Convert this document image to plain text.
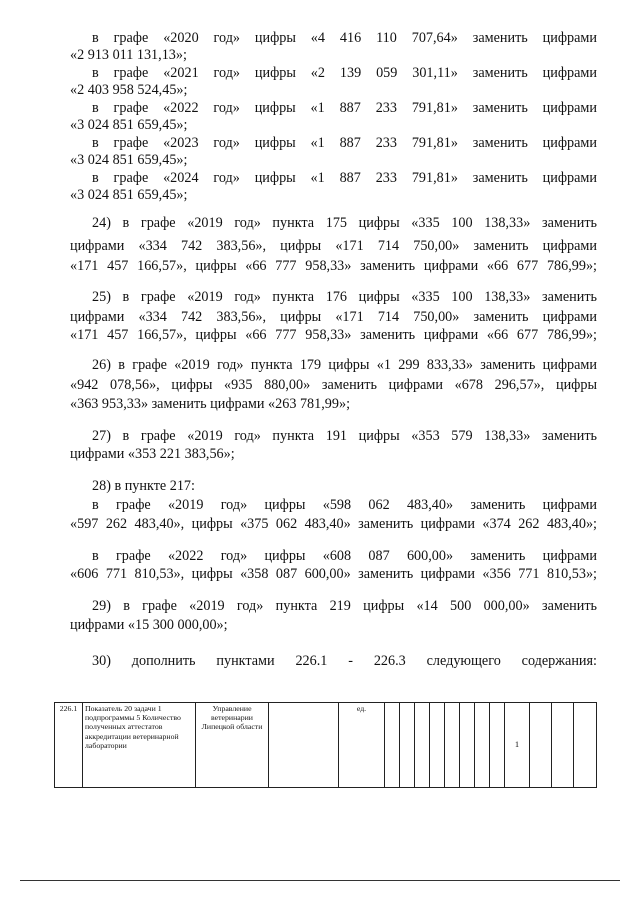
в графе «2020 год» цифры «4 416 110 707,64» заменить цифрами
«2 913 011 131,13»;
в графе «2021 год» цифры «2 139 059 301,11» заменить цифрами
«2 403 958 524,45»;
в графе «2022 год» цифры «1 887 233 791,81» заменить цифрами
«3 024 851 659,45»;
в графе «2023 год» цифры «1 887 233 791,81» заменить цифрами
«3 024 851 659,45»;
в графе «2024 год» цифры «1 887 233 791,81» заменить цифрами
«3 024 851 659,45»;
24) в графе «2019 год» пункта 175 цифры «335 100 138,33» заменить
цифрами «334 742 383,56», цифры «171 714 750,00» заменить цифрами
«171 457 166,57», цифры «66 777 958,33» заменить цифрами «66 677 786,99»;
25) в графе «2019 год» пункта 176 цифры «335 100 138,33» заменить
цифрами «334 742 383,56», цифры «171 714 750,00» заменить цифрами
«171 457 166,57», цифры «66 777 958,33» заменить цифрами «66 677 786,99»;
26) в графе «2019 год» пункта 179 цифры «1 299 833,33» заменить цифрами
«942 078,56», цифры «935 880,00» заменить цифрами «678 296,57», цифры
«363 953,33» заменить цифрами «263 781,99»;
27) в графе «2019 год» пункта 191 цифры «353 579 138,33» заменить
цифрами «353 221 383,56»;
28) в пункте 217:
в графе «2019 год» цифры «598 062 483,40» заменить цифрами
«597 262 483,40», цифры «375 062 483,40» заменить цифрами «374 262 483,40»;
в графе «2022 год» цифры «608 087 600,00» заменить цифрами
«606 771 810,53», цифры «358 087 600,00» заменить цифрами «356 771 810,53»;
29) в графе «2019 год» пункта 219 цифры «14 500 000,00» заменить
цифрами «15 300 000,00»;
30) дополнить пунктами 226.1 - 226.3 следующего содержания:
226.1	Показатель 20 задачи 1 подпрограммы 5 Количество полученных аттестатов аккредитации ветеринарной лаборатории	Управление ветеринарии Липецкой области		ед.									1			
